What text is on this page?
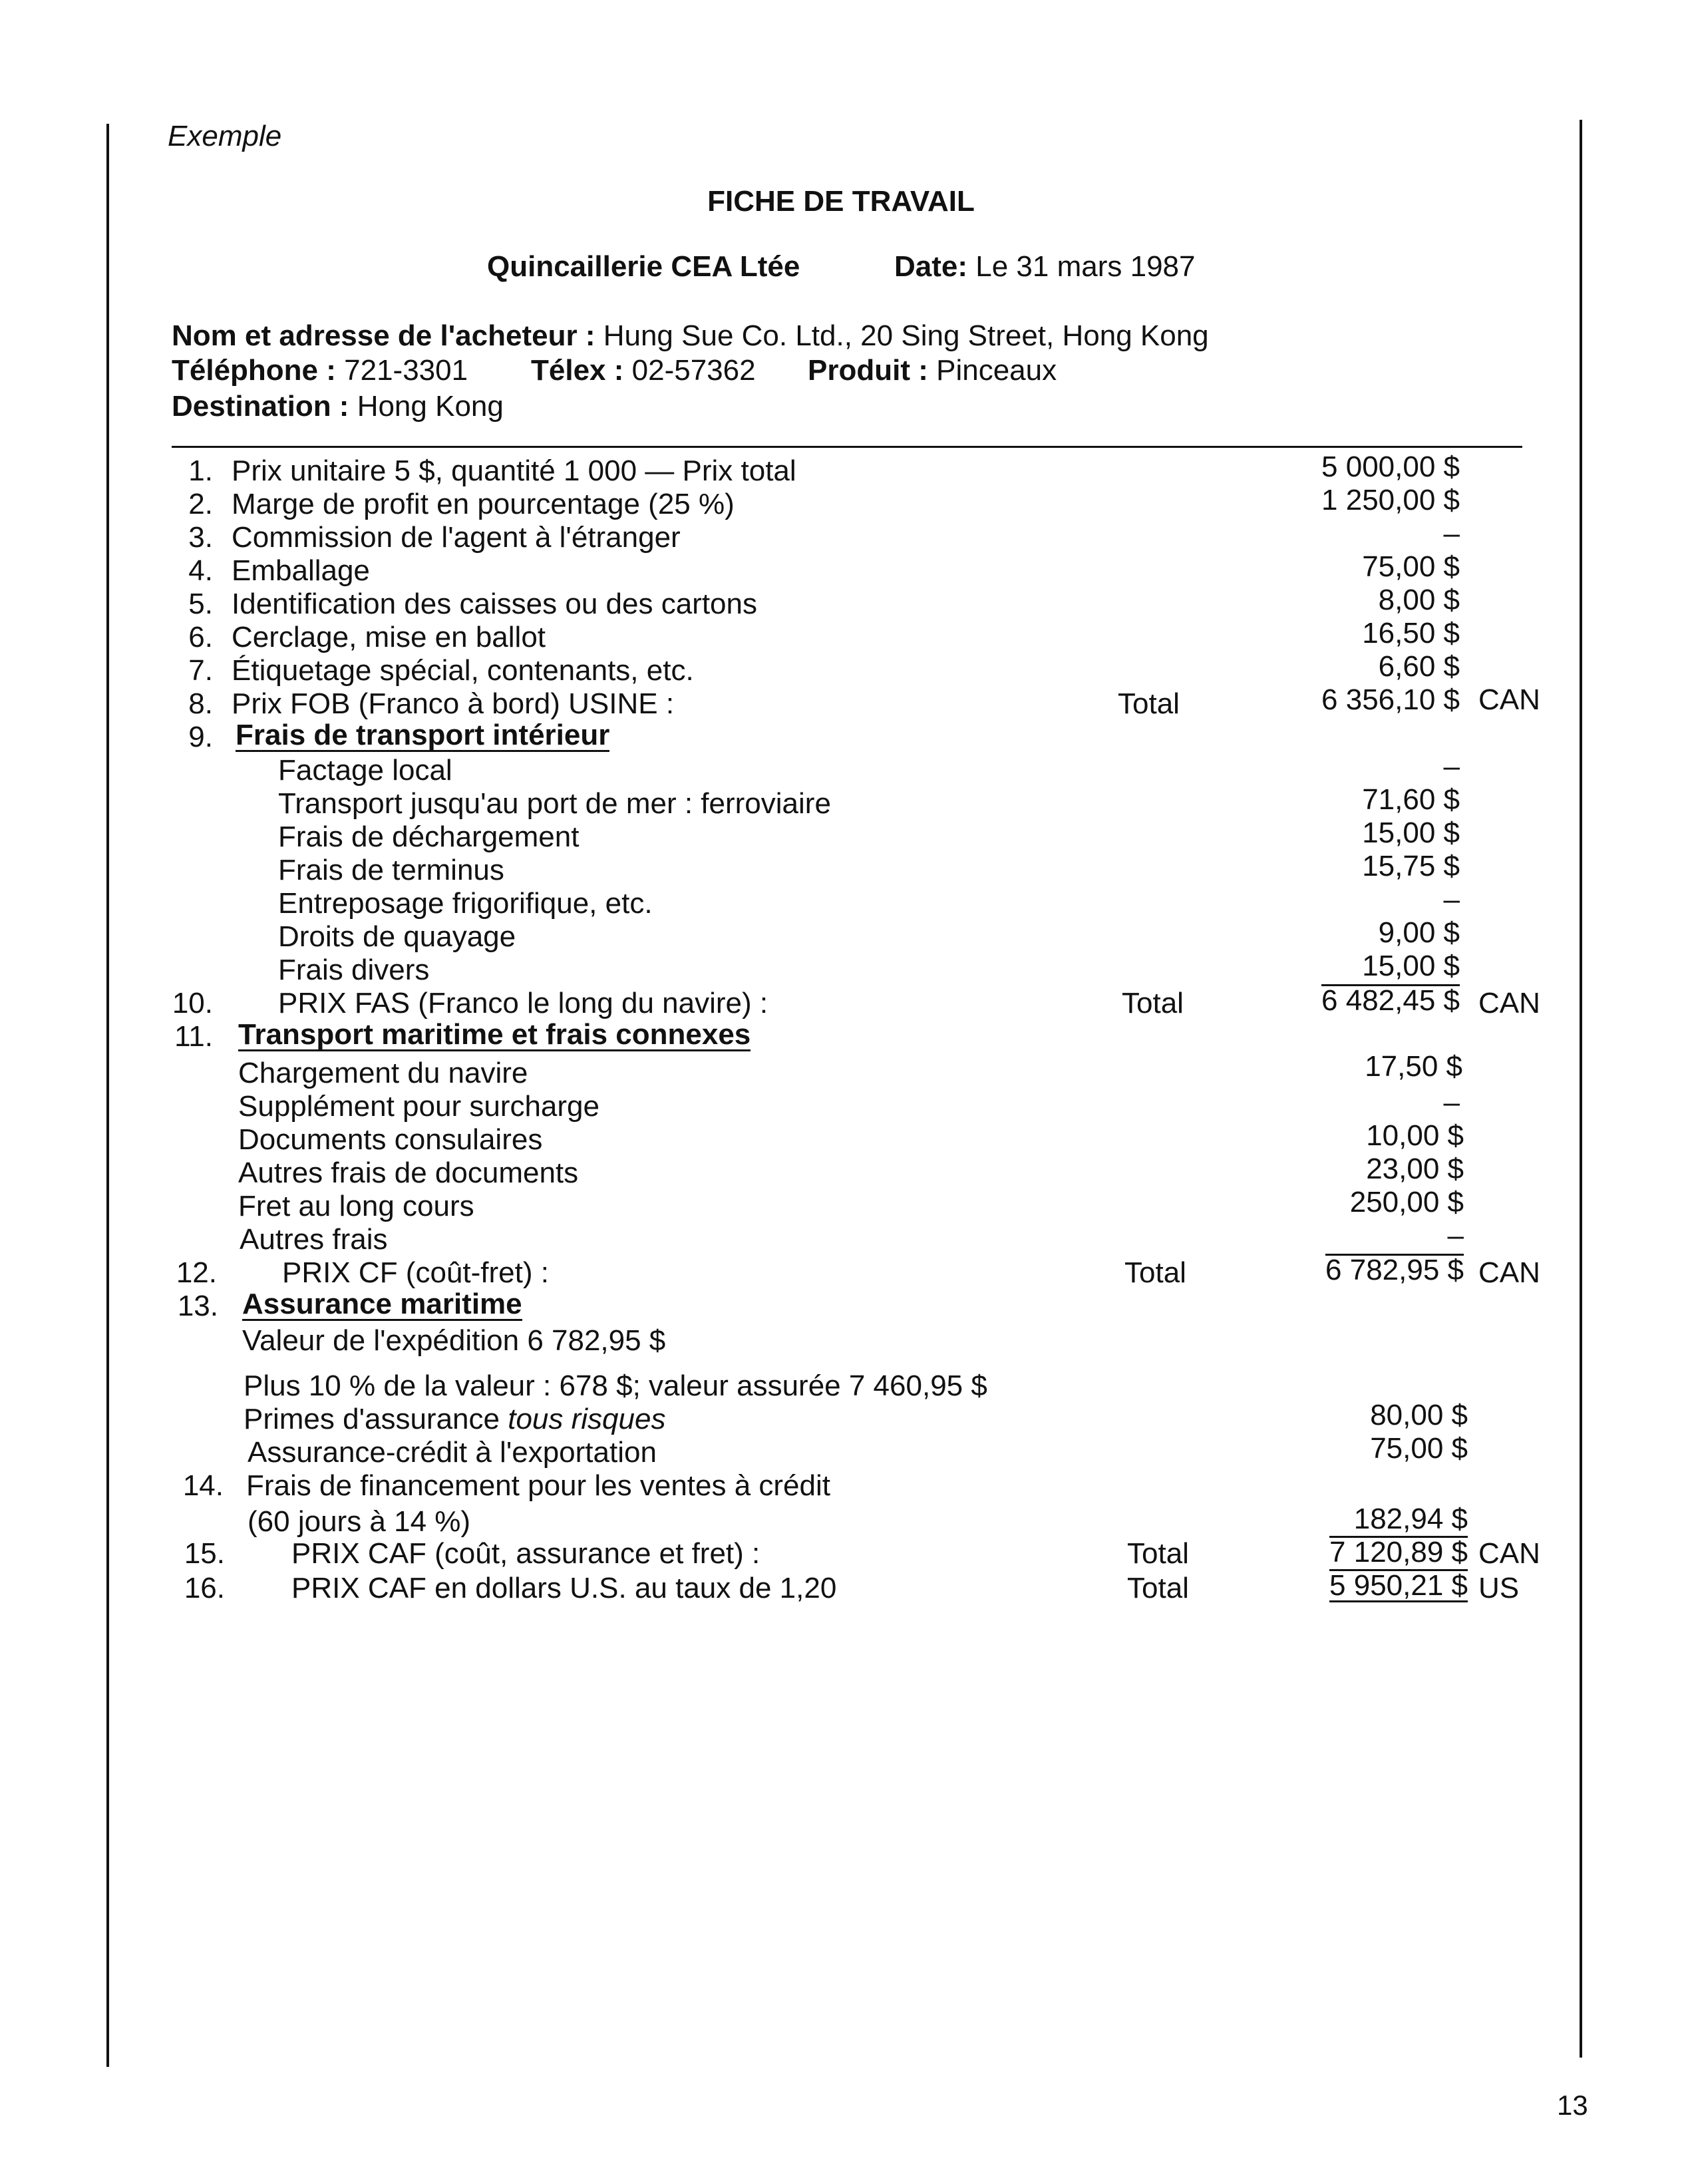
Exemple
FICHE DE TRAVAIL
Quincaillerie CEA Ltée	Date: Le 31 mars 1987
Nom et adresse de l'acheteur : Hung Sue Co. Ltd., 20 Sing Street, Hong Kong
Téléphone : 721-3301 Télex : 02-57362 Produit : Pinceaux
Destination : Hong Kong
1. Prix unitaire 5 $, quantité 1 000 — Prix total	5 000,00 $
2. Marge de profit en pourcentage (25 %)	1 250,00 $
3. Commission de l'agent à l'étranger	–
4. Emballage	75,00 $
5. Identification des caisses ou des cartons	8,00 $
6. Cerclage, mise en ballot	16,50 $
7. Étiquetage spécial, contenants, etc.	6,60 $
8. Prix FOB (Franco à bord) USINE :	Total	6 356,10 $ CAN
9. Frais de transport intérieur
Factage local	–
Transport jusqu'au port de mer : ferroviaire	71,60 $
Frais de déchargement	15,00 $
Frais de terminus	15,75 $
Entreposage frigorifique, etc.	–
Droits de quayage	9,00 $
Frais divers	15,00 $
10. PRIX FAS (Franco le long du navire) :	Total	6 482,45 $ CAN
11. Transport maritime et frais connexes
Chargement du navire	17,50 $
Supplément pour surcharge	–
Documents consulaires	10,00 $
Autres frais de documents	23,00 $
Fret au long cours	250,00 $
Autres frais	–
12. PRIX CF (coût-fret) :	Total	6 782,95 $ CAN
13. Assurance maritime
Valeur de l'expédition 6 782,95 $
Plus 10 % de la valeur : 678 $; valeur assurée 7 460,95 $
Primes d'assurance tous risques	80,00 $
Assurance-crédit à l'exportation	75,00 $
14. Frais de financement pour les ventes à crédit
(60 jours à 14 %)	182,94 $
15. PRIX CAF (coût, assurance et fret) :	Total	7 120,89 $ CAN
16. PRIX CAF en dollars U.S. au taux de 1,20	Total	5 950,21 $ US
13
